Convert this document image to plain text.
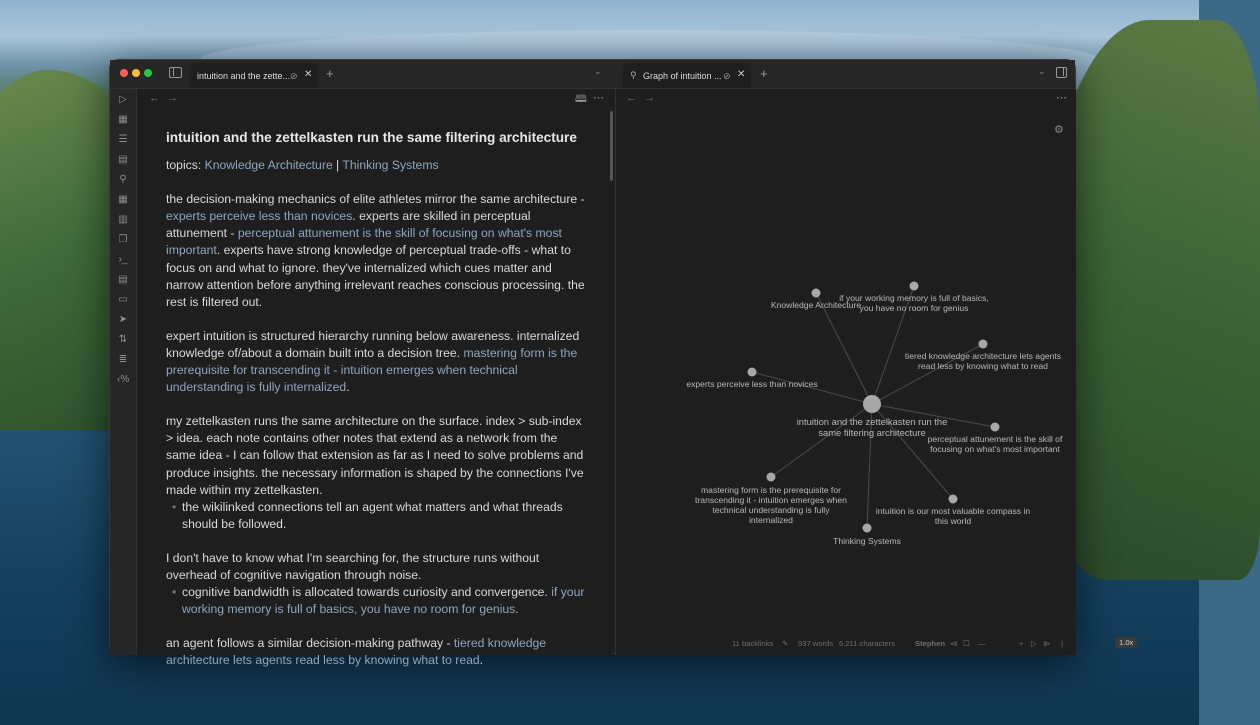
intuition and the zette... ⊘ ✕ +	⌄	⚲ Graph of intuition ... ⊘ ✕ +	⌄
▷
▦
☰
▤
⚲
▦
▥
❐
›_
▤
▭
➤
⇅
≣
‹%
← →	🕮 ⋯
intuition and the zettelkasten run the same filtering architecture

topics: Knowledge Architecture | Thinking Systems

the decision-making mechanics of elite athletes mirror the same architecture - experts perceive less than novices. experts are skilled in perceptual attunement - perceptual attunement is the skill of focusing on what's most important. experts have strong knowledge of perceptual trade-offs - what to focus on and what to ignore. they've internalized which cues matter and narrow attention before anything irrelevant reaches conscious processing. the rest is filtered out.

expert intuition is structured hierarchy running below awareness. internalized knowledge of/about a domain built into a decision tree. mastering form is the prerequisite for transcending it - intuition emerges when technical understanding is fully internalized.

my zettelkasten runs the same architecture on the surface. index > sub-index > idea. each note contains other notes that extend as a network from the same idea - I can follow that extension as far as I need to solve problems and produce insights. the necessary information is shaped by the connections I've made within my zettelkasten.

• the wikilinked connections tell an agent what matters and what threads should be followed.

I don't have to know what I'm searching for, the structure runs without overhead of cognitive navigation through noise.

• cognitive bandwidth is allocated towards curiosity and convergence. if your working memory is full of basics, you have no room for genius.

an agent follows a similar decision-making pathway - tiered knowledge architecture lets agents read less by knowing what to read.

← →	⋯
⚙
Knowledge Architecture
if your working memory is full of basics,
you have no room for genius
tiered knowledge architecture lets agents
read less by knowing what to read
experts perceive less than novices
intuition and the zettelkasten run the
same filtering architecture
perceptual attunement is the skill of
focusing on what's most important
mastering form is the prerequisite for
transcending it - intuition emerges when
technical understanding is fully
internalized
intuition is our most valuable compass in
this world
Thinking Systems
11 backlinks ✎ 937 words 6,211 characters	Stephen ⧏ ☐ —	1.0x
+ ▷ ⧐ |
